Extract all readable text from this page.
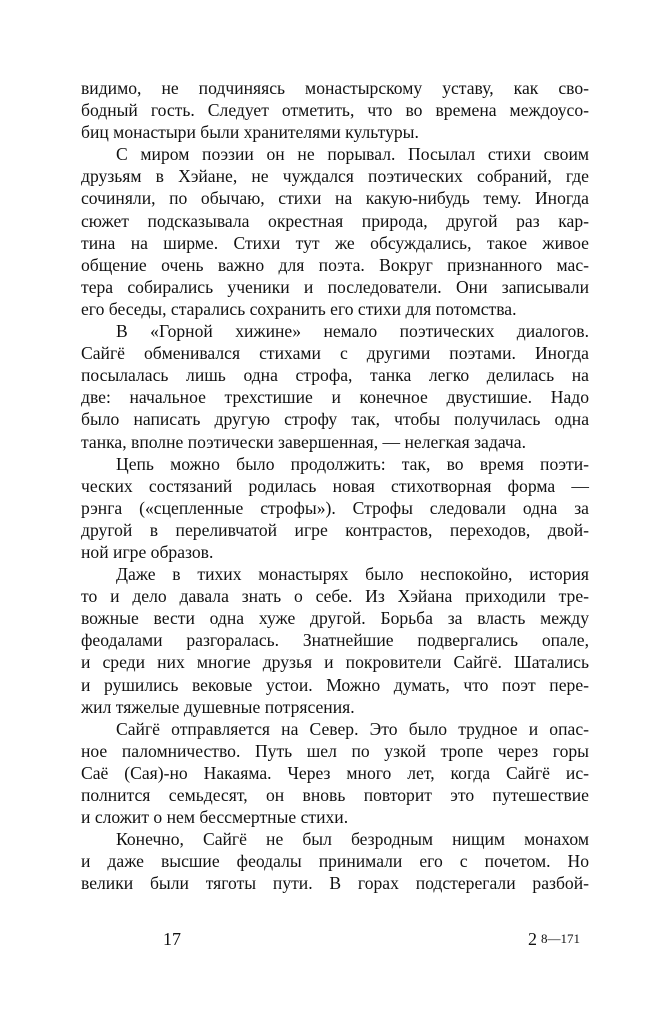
видимо, не подчиняясь монастырскому уставу, как сво-
бодный гость. Следует отметить, что во времена междоусо-
биц монастыри были хранителями культуры.
С миром поэзии он не порывал. Посылал стихи своим
друзьям в Хэйане, не чуждался поэтических собраний, где
сочиняли, по обычаю, стихи на какую-нибудь тему. Иногда
сюжет подсказывала окрестная природа, другой раз кар-
тина на ширме. Стихи тут же обсуждались, такое живое
общение очень важно для поэта. Вокруг признанного мас-
тера собирались ученики и последователи. Они записывали
его беседы, старались сохранить его стихи для потомства.
В «Горной хижине» немало поэтических диалогов.
Сайгё обменивался стихами с другими поэтами. Иногда
посылалась лишь одна строфа, танка легко делилась на
две: начальное трехстишие и конечное двустишие. Надо
было написать другую строфу так, чтобы получилась одна
танка, вполне поэтически завершенная, — нелегкая задача.
Цепь можно было продолжить: так, во время поэти-
ческих состязаний родилась новая стихотворная форма —
рэнга («сцепленные строфы»). Строфы следовали одна за
другой в переливчатой игре контрастов, переходов, двой-
ной игре образов.
Даже в тихих монастырях было неспокойно, история
то и дело давала знать о себе. Из Хэйана приходили тре-
вожные вести одна хуже другой. Борьба за власть между
феодалами разгоралась. Знатнейшие подвергались опале,
и среди них многие друзья и покровители Сайгё. Шатались
и рушились вековые устои. Можно думать, что поэт пере-
жил тяжелые душевные потрясения.
Сайгё отправляется на Север. Это было трудное и опас-
ное паломничество. Путь шел по узкой тропе через горы
Саё (Сая)-но Накаяма. Через много лет, когда Сайгё ис-
полнится семьдесят, он вновь повторит это путешествие
и сложит о нем бессмертные стихи.
Конечно, Сайгё не был безродным нищим монахом
и даже высшие феодалы принимали его с почетом. Но
велики были тяготы пути. В горах подстерегали разбой-
17	2 8—171
